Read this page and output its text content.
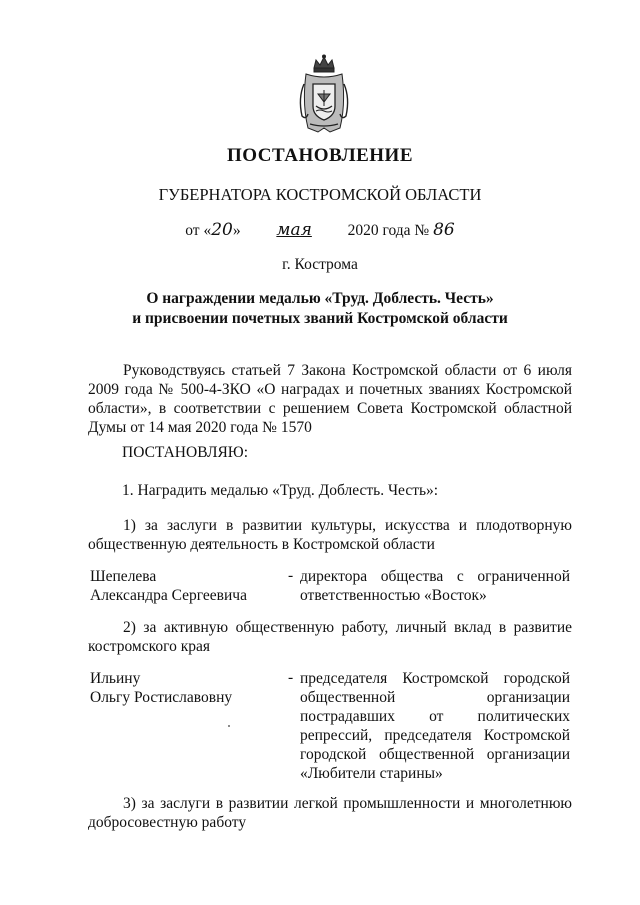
ПОСТАНОВЛЕНИЕ
ГУБЕРНАТОРА КОСТРОМСКОЙ ОБЛАСТИ
от «20» мая 2020 года № 86
г. Кострома
О награждении медалью «Труд. Доблесть. Честь»
и присвоении почетных званий Костромской области
Руководствуясь статьей 7 Закона Костромской области от 6 июля 2009 года № 500-4-ЗКО «О наградах и почетных званиях Костромской области», в соответствии с решением Совета Костромской областной Думы от 14 мая 2020 года № 1570
ПОСТАНОВЛЯЮ:
1. Наградить медалью «Труд. Доблесть. Честь»:
1) за заслуги в развитии культуры, искусства и плодотворную общественную деятельность в Костромской области
Шепелева
Александра Сергеевича
- директора общества с ограниченной
ответственностью «Восток»
2) за активную общественную работу, личный вклад в развитие костромского края
Ильину
Ольгу Ростиславовну
- председателя Костромской городской
общественной организации
пострадавших от политических
репрессий, председателя Костромской
городской общественной организации
«Любители старины»
3) за заслуги в развитии легкой промышленности и многолетнюю добросовестную работу
